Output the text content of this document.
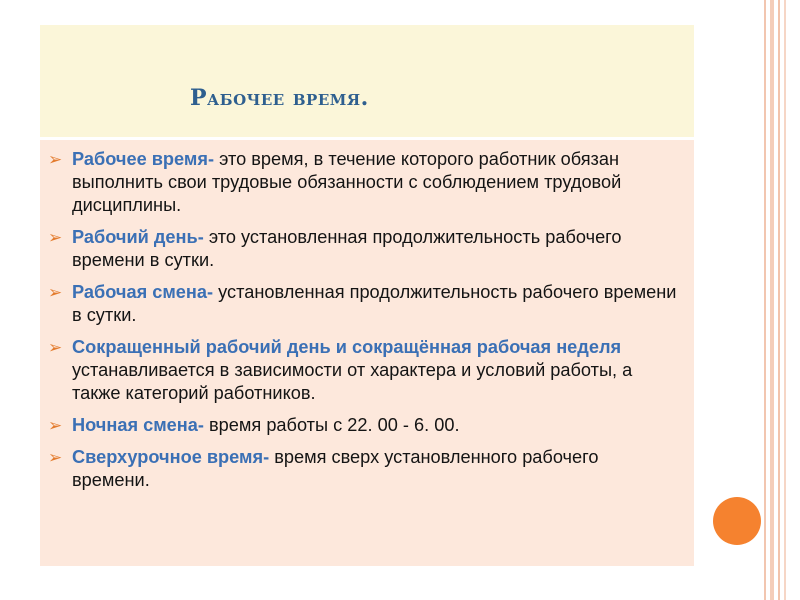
Рабочее время.
➢ Рабочее время- это время, в течение которого работник обязан выполнить свои трудовые обязанности с соблюдением трудовой дисциплины.
➢ Рабочий день- это установленная продолжительность рабочего времени в сутки.
➢ Рабочая смена- установленная продолжительность рабочего времени в сутки.
➢ Сокращенный рабочий день и сокращённая рабочая неделя устанавливается в зависимости от характера и условий работы, а также категорий работников.
➢ Ночная смена- время работы с 22. 00 - 6. 00.
➢ Сверхурочное время- время сверх установленного рабочего времени.
